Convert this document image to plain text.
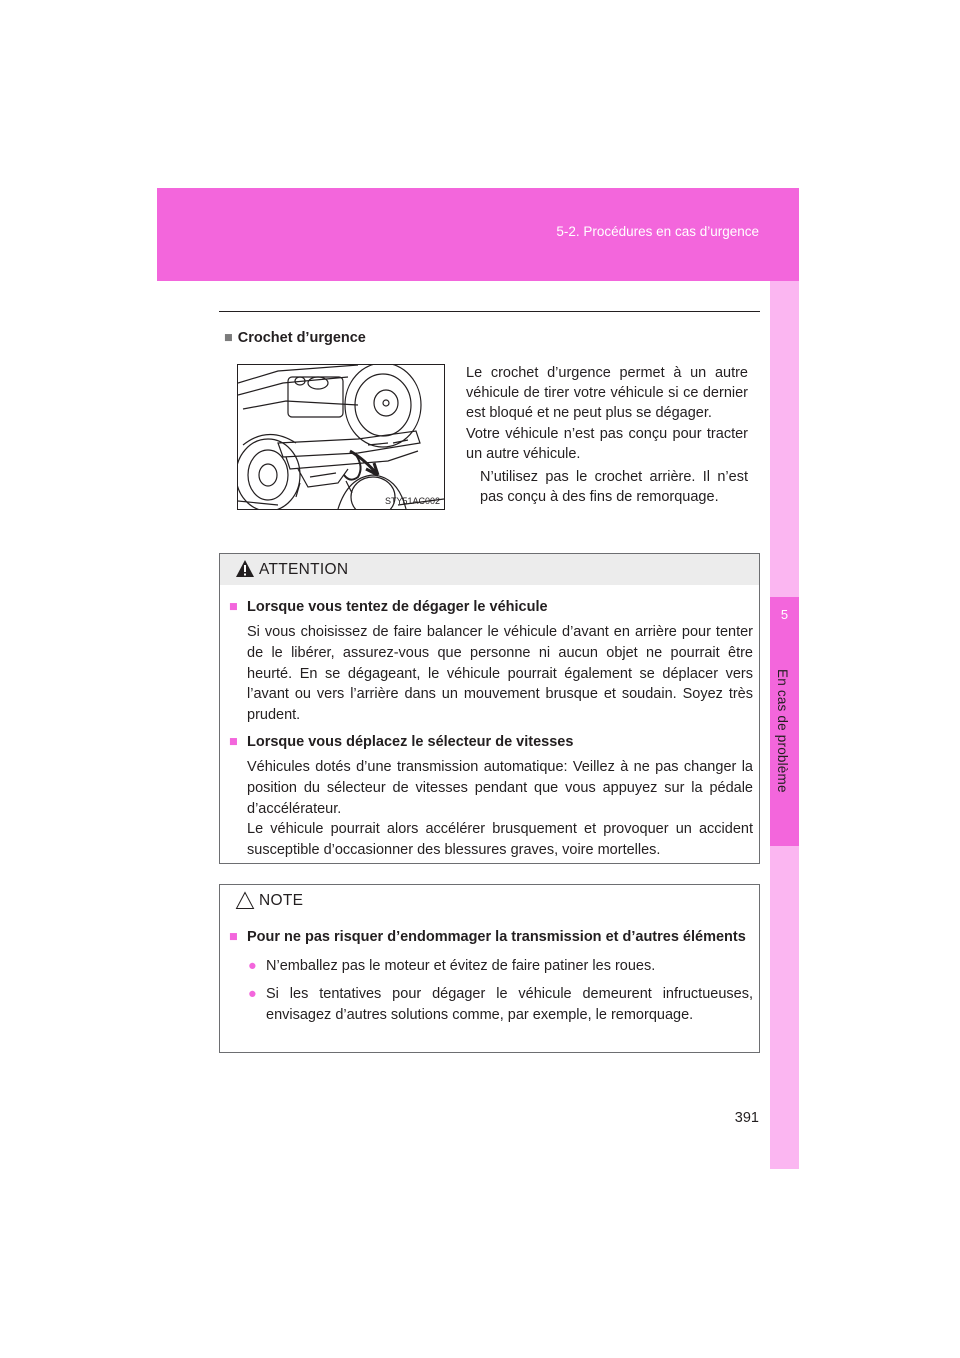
5-2. Procédures en cas d’urgence
5
En cas de problème
■ Crochet d’urgence
STY51AC002

Le crochet d’urgence permet à un autre véhicule de tirer votre véhicule si ce dernier est bloqué et ne peut plus se dégager.

Votre véhicule n’est pas conçu pour tracter un autre véhicule.

N’utilisez pas le crochet arrière. Il n’est pas conçu à des fins de remorquage.

ATTENTION
■ Lorsque vous tentez de dégager le véhicule

Si vous choisissez de faire balancer le véhicule d’avant en arrière pour tenter de le libérer, assurez-vous que personne ni aucun objet ne pourrait être heurté. En se dégageant, le véhicule pourrait également se déplacer vers l’avant ou vers l’arrière dans un mouvement brusque et soudain. Soyez très prudent.

■ Lorsque vous déplacez le sélecteur de vitesses

Véhicules dotés d’une transmission automatique: Veillez à ne pas changer la position du sélecteur de vitesses pendant que vous appuyez sur la pédale d’accélérateur.

Le véhicule pourrait alors accélérer brusquement et provoquer un accident susceptible d’occasionner des blessures graves, voire mortelles.

NOTE
■ Pour ne pas risquer d’endommager la transmission et d’autres éléments
● N’emballez pas le moteur et évitez de faire patiner les roues.
● Si les tentatives pour dégager le véhicule demeurent infructueuses, envisagez d’autres solutions comme, par exemple, le remorquage.
391
